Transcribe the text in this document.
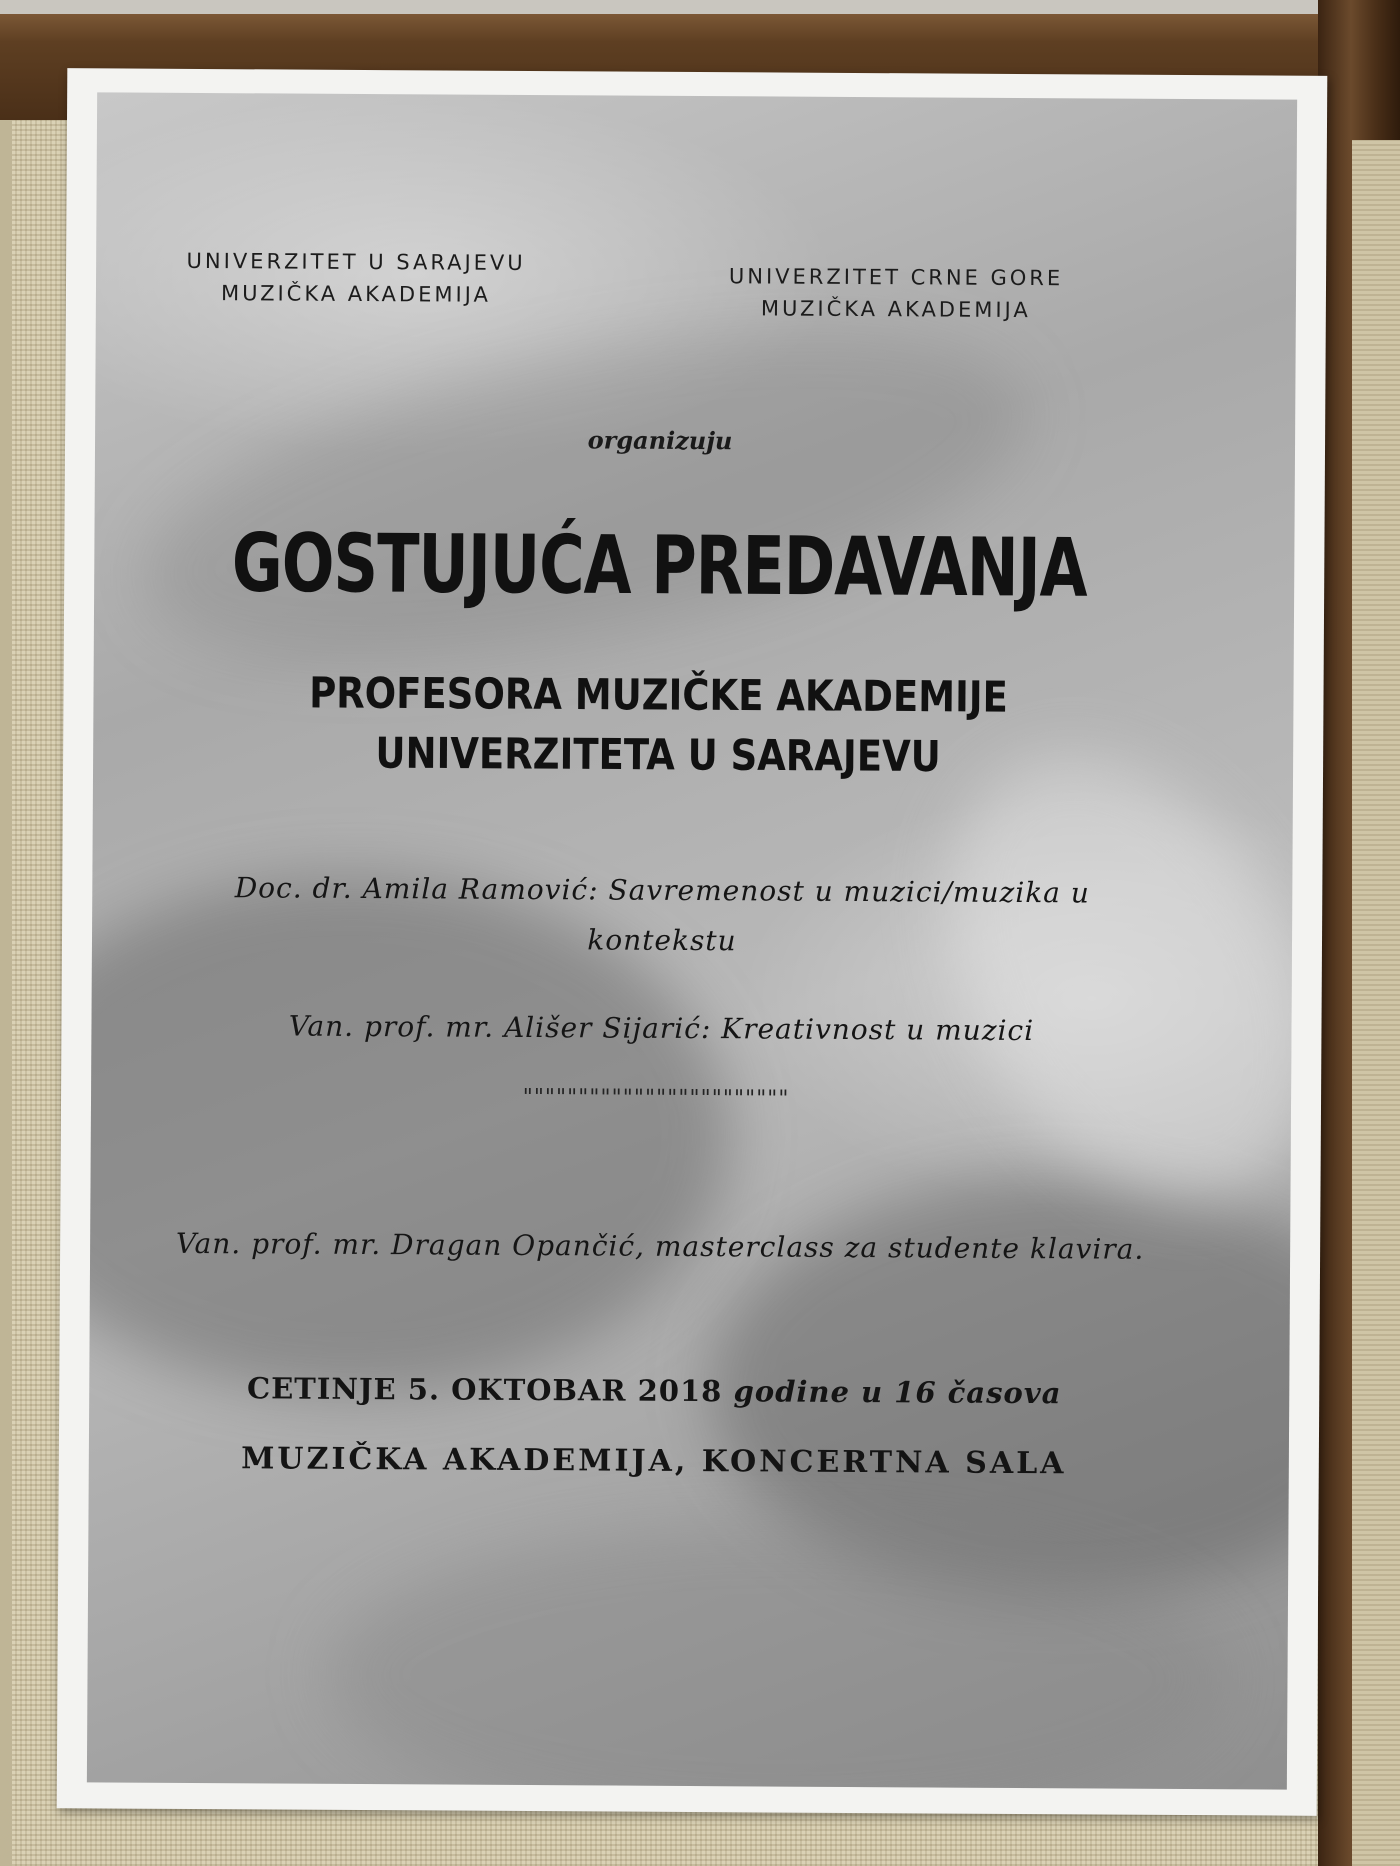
UNIVERZITET U SARAJEVU
MUZIČKA AKADEMIJA
UNIVERZITET CRNE GORE
MUZIČKA AKADEMIJA
organizuju
GOSTUJUĆA PREDAVANJA
PROFESORA MUZIČKE AKADEMIJE UNIVERZITETA U SARAJEVU
Doc. dr. Amila Ramović: Savremenost u muzici/muzika u kontekstu
Van. prof. mr. Ališer Sijarić: Kreativnost u muzici
""""""""""""""""""""""""
Van. prof. mr. Dragan Opančić, masterclass za studente klavira.
CETINJE 5. OKTOBAR 2018 godine u 16 časova
MUZIČKA AKADEMIJA, KONCERTNA SALA
